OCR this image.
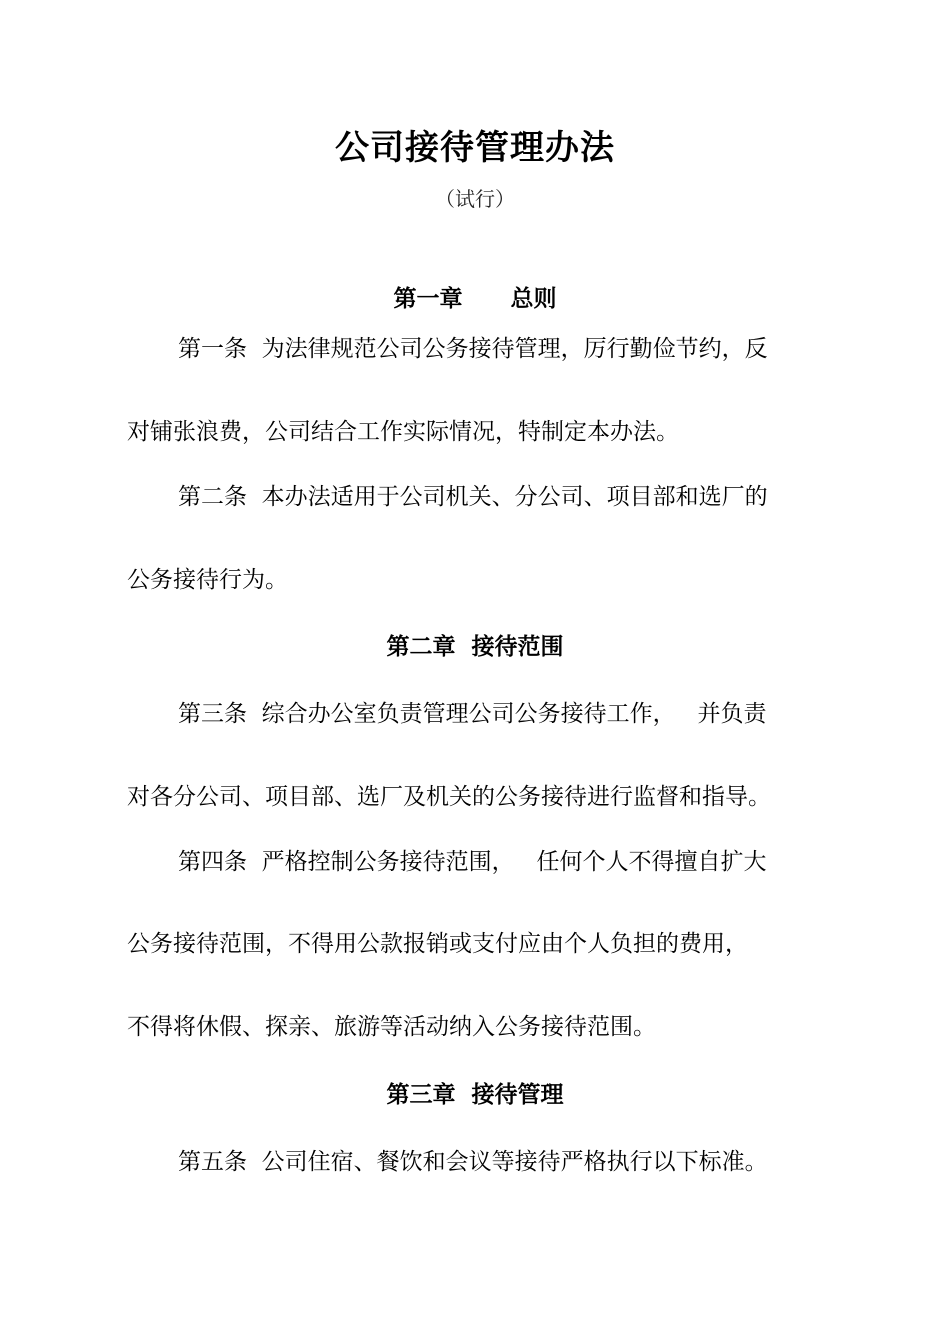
公司接待管理办法
（试行）
第一章      总则
第一条  为法律规范公司公务接待管理，厉行勤俭节约，反
对铺张浪费，公司结合工作实际情况，特制定本办法。
第二条  本办法适用于公司机关、分公司、项目部和选厂的
公务接待行为。
第二章  接待范围
第三条  综合办公室负责管理公司公务接待工作，   并负责
对各分公司、项目部、选厂及机关的公务接待进行监督和指导。
第四条  严格控制公务接待范围，   任何个人不得擅自扩大
公务接待范围，不得用公款报销或支付应由个人负担的费用，
不得将休假、探亲、旅游等活动纳入公务接待范围。
第三章  接待管理
第五条  公司住宿、餐饮和会议等接待严格执行以下标准。
